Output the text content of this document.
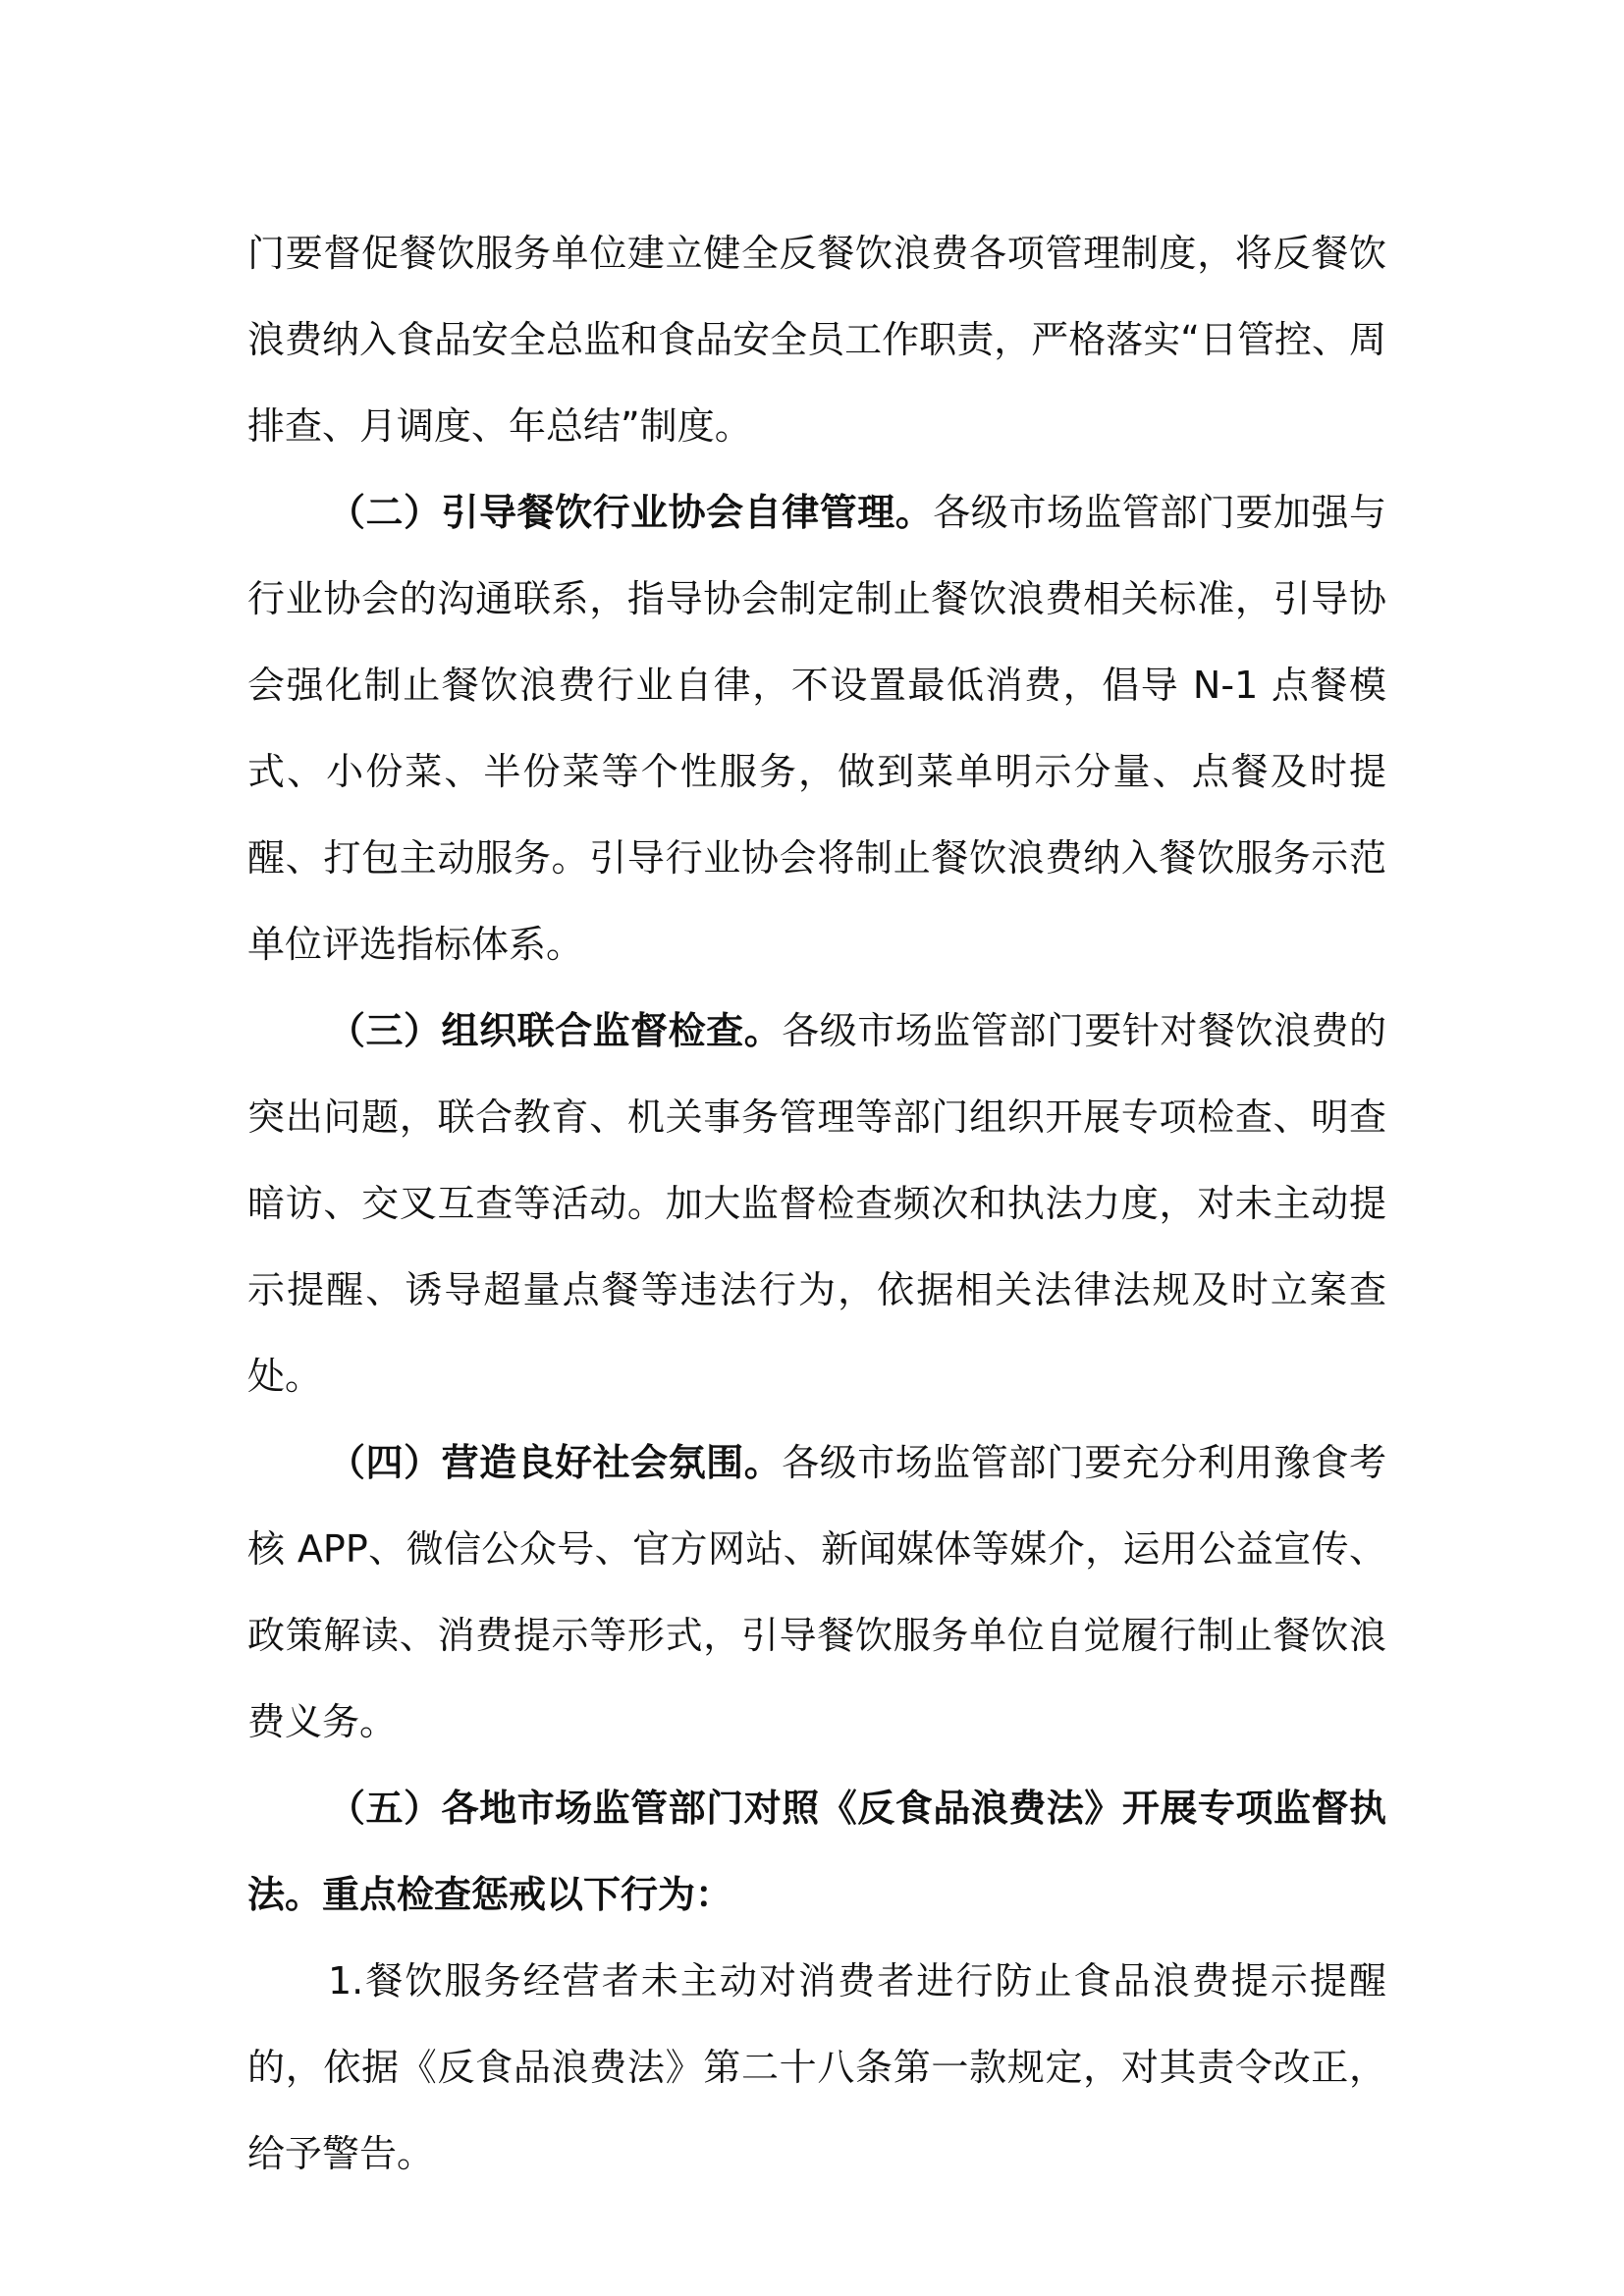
门要督促餐饮服务单位建立健全反餐饮浪费各项管理制度，将反餐饮浪费纳入食品安全总监和食品安全员工作职责，严格落实“日管控、周排查、月调度、年总结”制度。

（二）引导餐饮行业协会自律管理。各级市场监管部门要加强与行业协会的沟通联系，指导协会制定制止餐饮浪费相关标准，引导协会强化制止餐饮浪费行业自律，不设置最低消费，倡导 N-1 点餐模式、小份菜、半份菜等个性服务，做到菜单明示分量、点餐及时提醒、打包主动服务。引导行业协会将制止餐饮浪费纳入餐饮服务示范单位评选指标体系。

（三）组织联合监督检查。各级市场监管部门要针对餐饮浪费的突出问题，联合教育、机关事务管理等部门组织开展专项检查、明查暗访、交叉互查等活动。加大监督检查频次和执法力度，对未主动提示提醒、诱导超量点餐等违法行为，依据相关法律法规及时立案查处。

（四）营造良好社会氛围。各级市场监管部门要充分利用豫食考核 APP、微信公众号、官方网站、新闻媒体等媒介，运用公益宣传、政策解读、消费提示等形式，引导餐饮服务单位自觉履行制止餐饮浪费义务。

（五）各地市场监管部门对照《反食品浪费法》开展专项监督执法。重点检查惩戒以下行为：

1.餐饮服务经营者未主动对消费者进行防止食品浪费提示提醒的，依据《反食品浪费法》第二十八条第一款规定，对其责令改正，给予警告。
